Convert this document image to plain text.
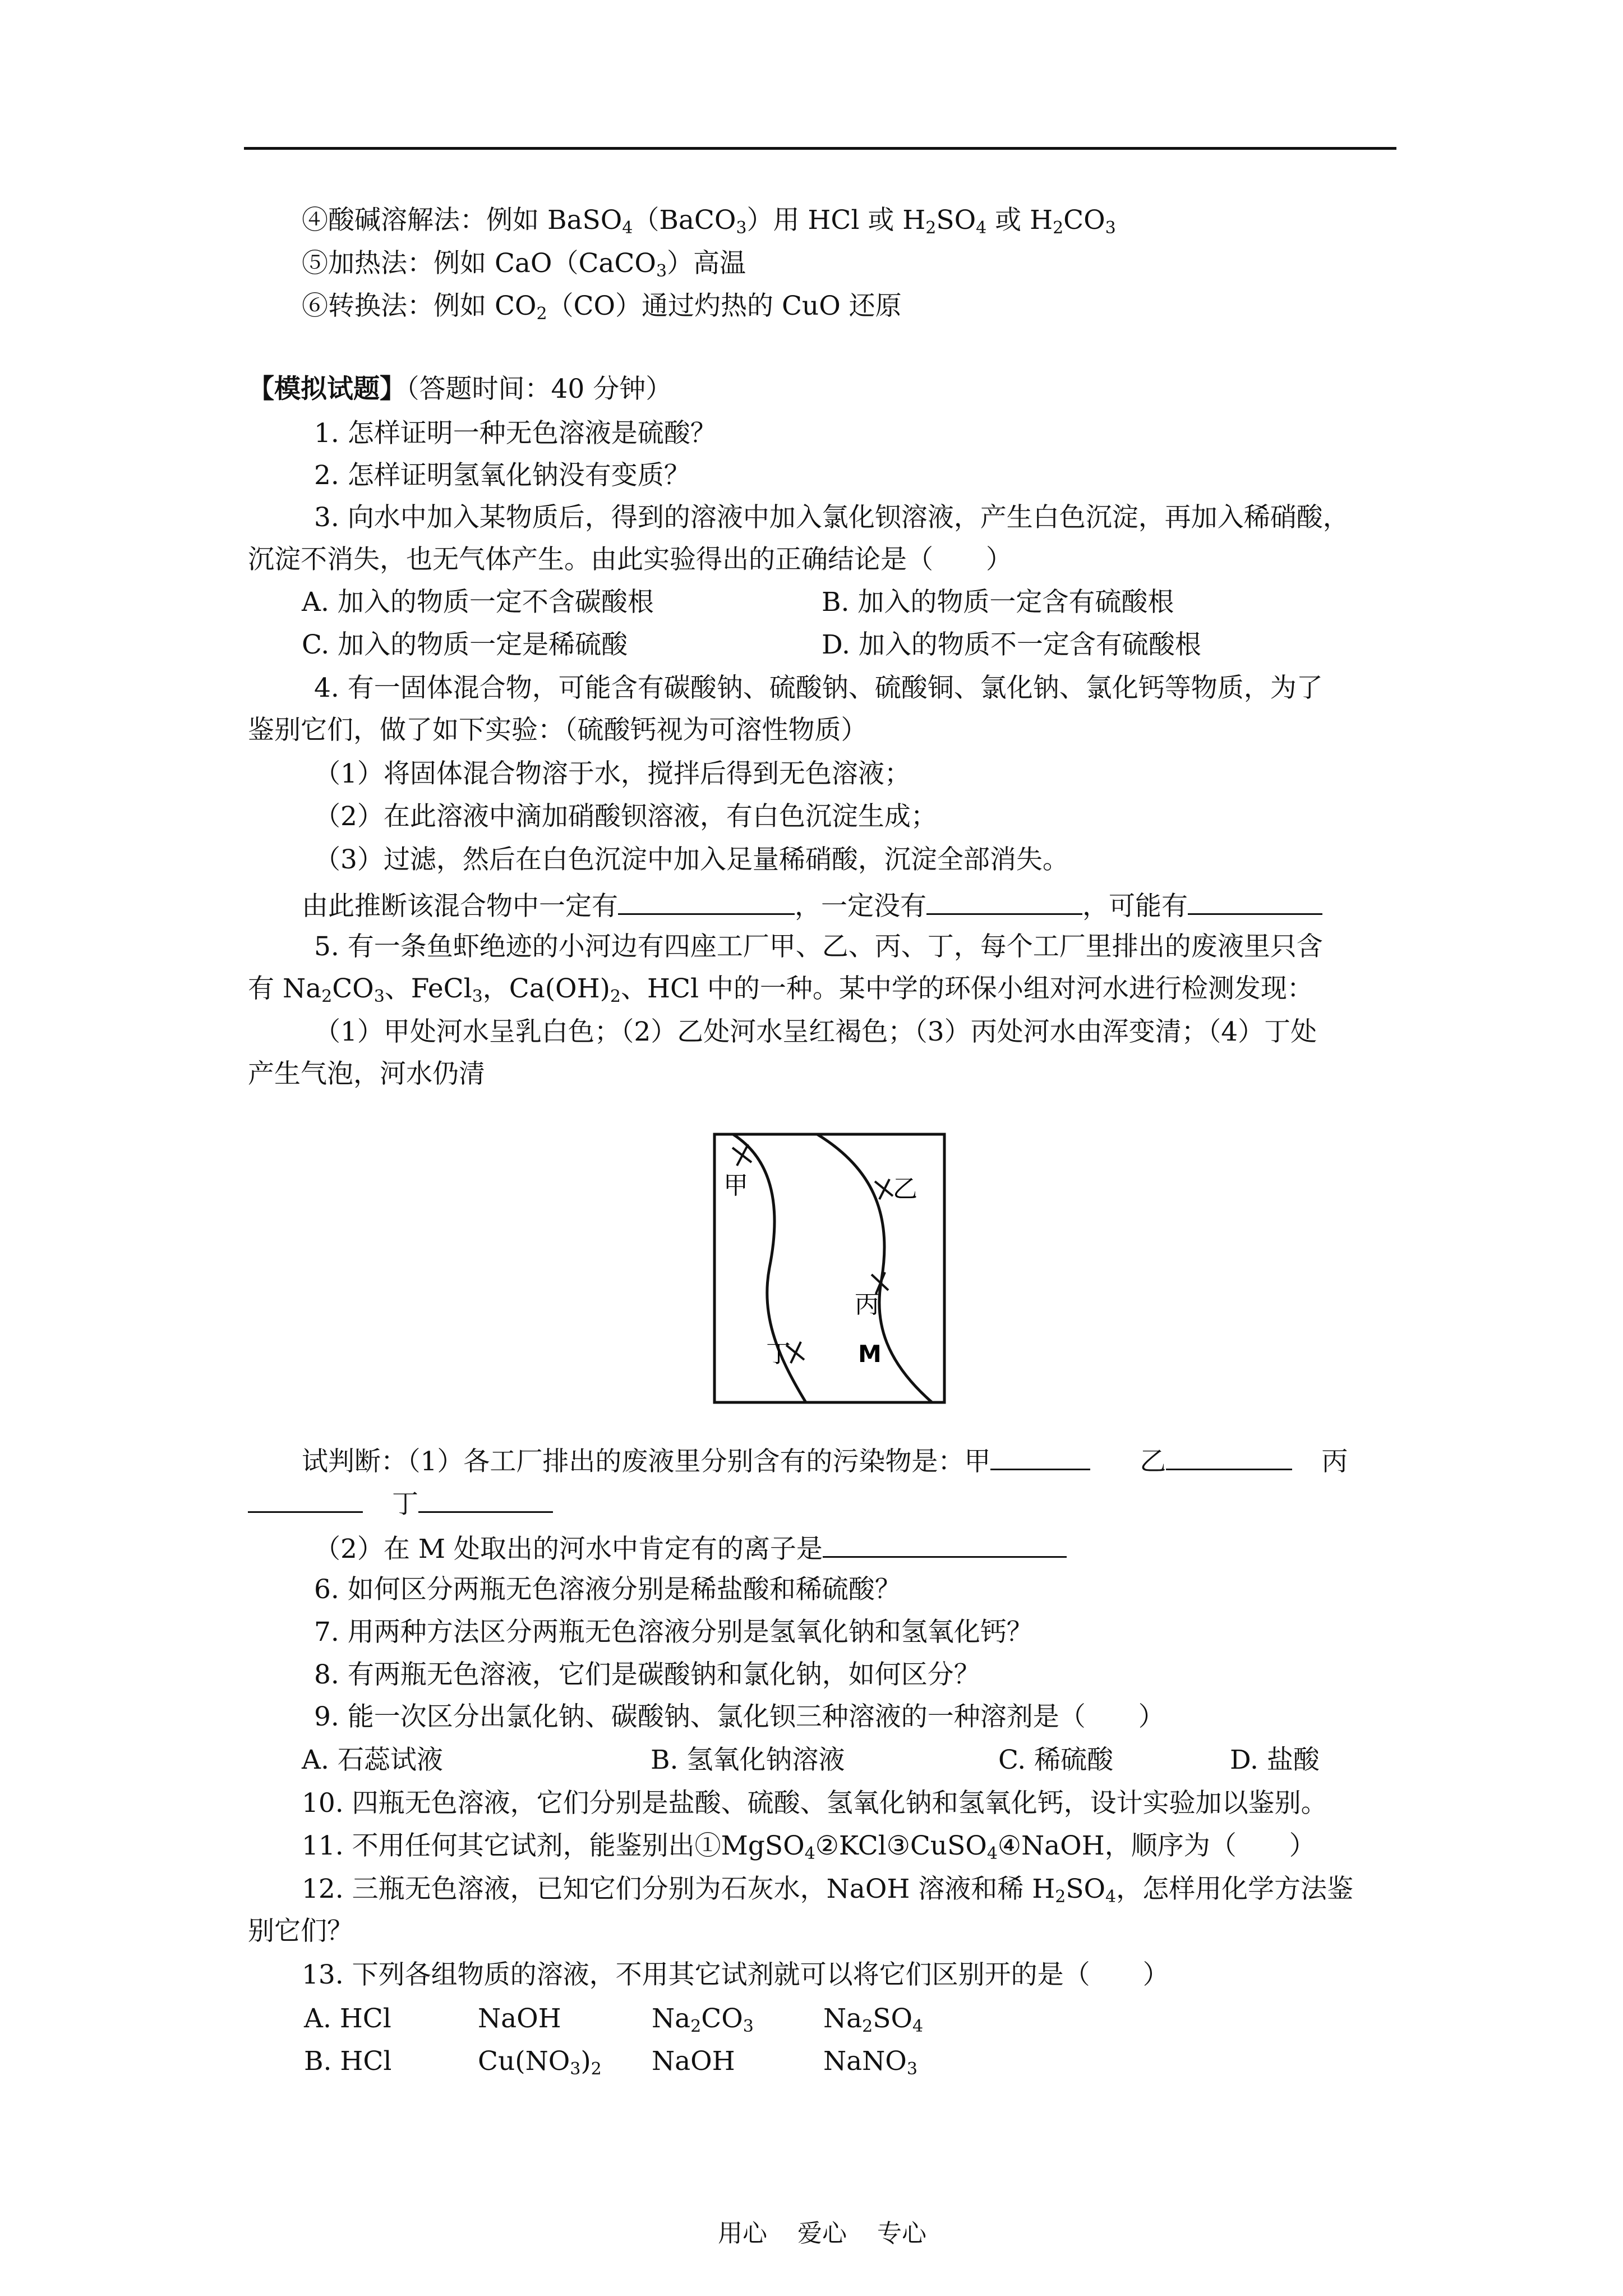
④酸碱溶解法：例如 BaSO$_4$（BaCO$_3$）用 HCl 或 $H_2SO_4$ 或 $H_2CO_3$
⑤加热法：例如 CaO（CaCO$_3$）高温
⑥转换法：例如 $CO_2(CO)$通过灼热的 CuO 还原
【模拟试题】（答题时间：40 分钟）
1. 怎样证明一种无色溶液是硫酸？
2. 怎样证明氢氧化钠没有变质？
3. 向水中加入某物质后，得到的溶液中加入氯化钡溶液，产生白色沉淀，再加入稀硝酸，
沉淀不消失，也无气体产生。由此实验得出的正确结论是（　　）
A. 加入的物质一定不含碳酸根	B. 加入的物质一定含有硫酸根
C. 加入的物质一定是稀硫酸	D. 加入的物质不一定含有硫酸根
4. 有一固体混合物，可能含有碳酸钠、硫酸钠、硫酸铜、氯化钠、氯化钙等物质，为了
鉴别它们，做了如下实验：（硫酸钙视为可溶性物质）
（1）将固体混合物溶于水，搅拌后得到无色溶液；
（2）在此溶液中滴加硝酸钡溶液，有白色沉淀生成；
（3）过滤，然后在白色沉淀中加入足量稀硝酸，沉淀全部消失。
由此推断该混合物中一定有	，一定没有	，可能有
5. 有一条鱼虾绝迹的小河边有四座工厂甲、乙、丙、丁，每个工厂里排出的废液里只含
有 $Na_2CO_3$、FeCl$_3$，$Ca(OH)_2$、HCl 中的一种。某中学的环保小组对河水进行检测发现：
（1）甲处河水呈乳白色；（2）乙处河水呈红褐色；（3）丙处河水由浑变清；（4）丁处
产生气泡，河水仍清
甲	乙
丙
丁	M
试判断：（1）各工厂排出的废液里分别含有的污染物是：甲	乙	丙
丁
（2）在 M 处取出的河水中肯定有的离子是
6. 如何区分两瓶无色溶液分别是稀盐酸和稀硫酸？
7. 用两种方法区分两瓶无色溶液分别是氢氧化钠和氢氧化钙？
8. 有两瓶无色溶液，它们是碳酸钠和氯化钠，如何区分？
9. 能一次区分出氯化钠、碳酸钠、氯化钡三种溶液的一种溶剂是（　　）
A. 石蕊试液	B. 氢氧化钠溶液	C. 稀硫酸	D. 盐酸
10. 四瓶无色溶液，它们分别是盐酸、硫酸、氢氧化钠和氢氧化钙，设计实验加以鉴别。
11. 不用任何其它试剂，能鉴别出①MgSO$_4$②KCl③CuSO$_4$④NaOH，顺序为（　　）
12. 三瓶无色溶液，已知它们分别为石灰水，NaOH 溶液和稀 $H_2SO_4$，怎样用化学方法鉴
别它们？
13. 下列各组物质的溶液，不用其它试剂就可以将它们区别开的是（　　）
A. HCl	NaOH	$Na_2CO_3$	$Na_2SO_4$
B. HCl	$Cu(NO_3)_2$ NaOH	NaNO$_3$
用心 爱心 专心
